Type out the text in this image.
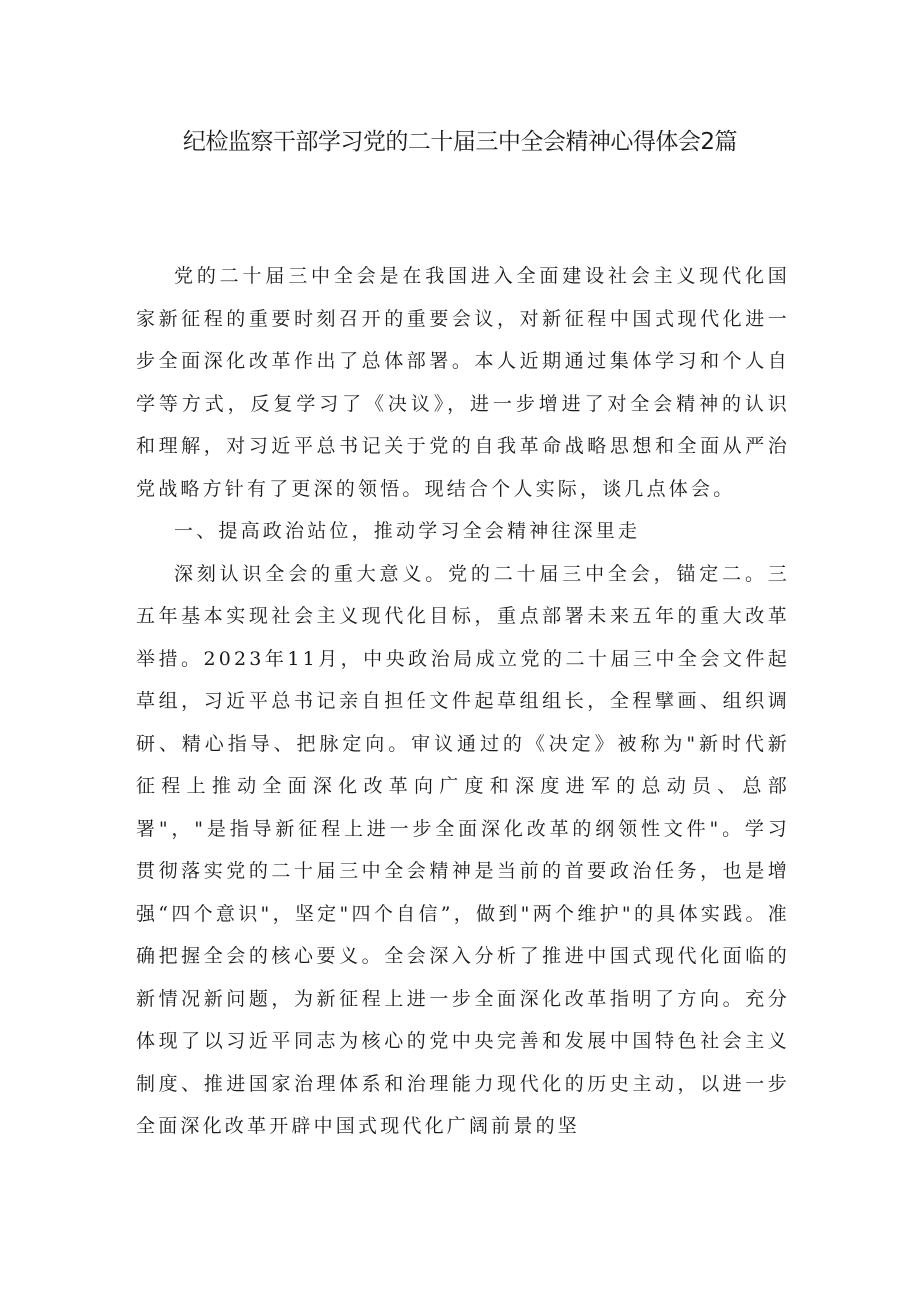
纪检监察干部学习党的二十届三中全会精神心得体会2篇

党的二十届三中全会是在我国进入全面建设社会主义现代化国家新征程的重要时刻召开的重要会议，对新征程中国式现代化进一步全面深化改革作出了总体部署。本人近期通过集体学习和个人自学等方式，反复学习了《决议》，进一步增进了对全会精神的认识和理解，对习近平总书记关于党的自我革命战略思想和全面从严治党战略方针有了更深的领悟。现结合个人实际，谈几点体会。

一、提高政治站位，推动学习全会精神往深里走

深刻认识全会的重大意义。党的二十届三中全会，锚定二。三五年基本实现社会主义现代化目标，重点部署未来五年的重大改革举措。2023年11月，中央政治局成立党的二十届三中全会文件起草组，习近平总书记亲自担任文件起草组组长，全程擘画、组织调研、精心指导、把脉定向。审议通过的《决定》被称为"新时代新征程上推动全面深化改革向广度和深度进军的总动员、总部署"，"是指导新征程上进一步全面深化改革的纲领性文件"。学习贯彻落实党的二十届三中全会精神是当前的首要政治任务，也是增强“四个意识"，坚定"四个自信”，做到"两个维护"的具体实践。准确把握全会的核心要义。全会深入分析了推进中国式现代化面临的新情况新问题，为新征程上进一步全面深化改革指明了方向。充分体现了以习近平同志为核心的党中央完善和发展中国特色社会主义制度、推进国家治理体系和治理能力现代化的历史主动，以进一步全面深化改革开辟中国式现代化广阔前景的坚
